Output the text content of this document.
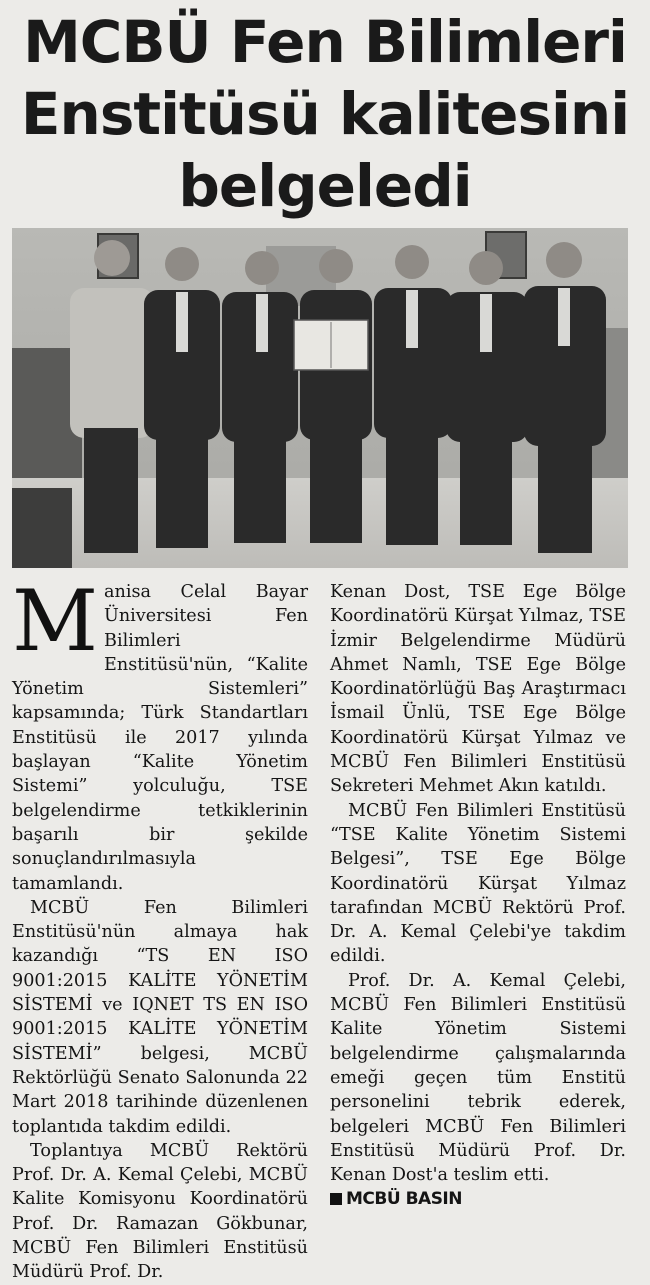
MCBÜ Fen Bilimleri
Enstitüsü kalitesini
belgeledi

Manisa Celal Bayar Üniversitesi Fen Bilimleri Enstitüsü'nün, “Kalite Yönetim Sistemleri” kapsamında; Türk Standartları Enstitüsü ile 2017 yılında başlayan “Kalite Yönetim Sistemi” yolculuğu, TSE belgelendirme tetkiklerinin başarılı bir şekilde sonuçlandırılmasıyla tamamlandı.

MCBÜ Fen Bilimleri Enstitüsü'nün almaya hak kazandığı “TS EN ISO 9001:2015 KALİTE YÖNETİM SİSTEMİ ve IQNET TS EN ISO 9001:2015 KALİTE YÖNETİM SİSTEMİ” belgesi, MCBÜ Rektörlüğü Senato Salonunda 22 Mart 2018 tarihinde düzenlenen toplantıda takdim edildi.

Toplantıya MCBÜ Rektörü Prof. Dr. A. Kemal Çelebi, MCBÜ Kalite Komisyonu Koordinatörü Prof. Dr. Ramazan Gökbunar, MCBÜ Fen Bilimleri Enstitüsü Müdürü Prof. Dr.

Kenan Dost, TSE Ege Bölge Koordinatörü Kürşat Yılmaz, TSE İzmir Belgelendirme Müdürü Ahmet Namlı, TSE Ege Bölge Koordinatörlüğü Baş Araştırmacı İsmail Ünlü, TSE Ege Bölge Koordinatörü Kürşat Yılmaz ve MCBÜ Fen Bilimleri Enstitüsü Sekreteri Mehmet Akın katıldı.

MCBÜ Fen Bilimleri Enstitüsü “TSE Kalite Yönetim Sistemi Belgesi”, TSE Ege Bölge Koordinatörü Kürşat Yılmaz tarafından MCBÜ Rektörü Prof. Dr. A. Kemal Çelebi'ye takdim edildi.

Prof. Dr. A. Kemal Çelebi, MCBÜ Fen Bilimleri Enstitüsü Kalite Yönetim Sistemi belgelendirme çalışmalarında emeği geçen tüm Enstitü personelini tebrik ederek, belgeleri MCBÜ Fen Bilimleri Enstitüsü Müdürü Prof. Dr. Kenan Dost'a teslim etti.

MCBÜ BASIN
